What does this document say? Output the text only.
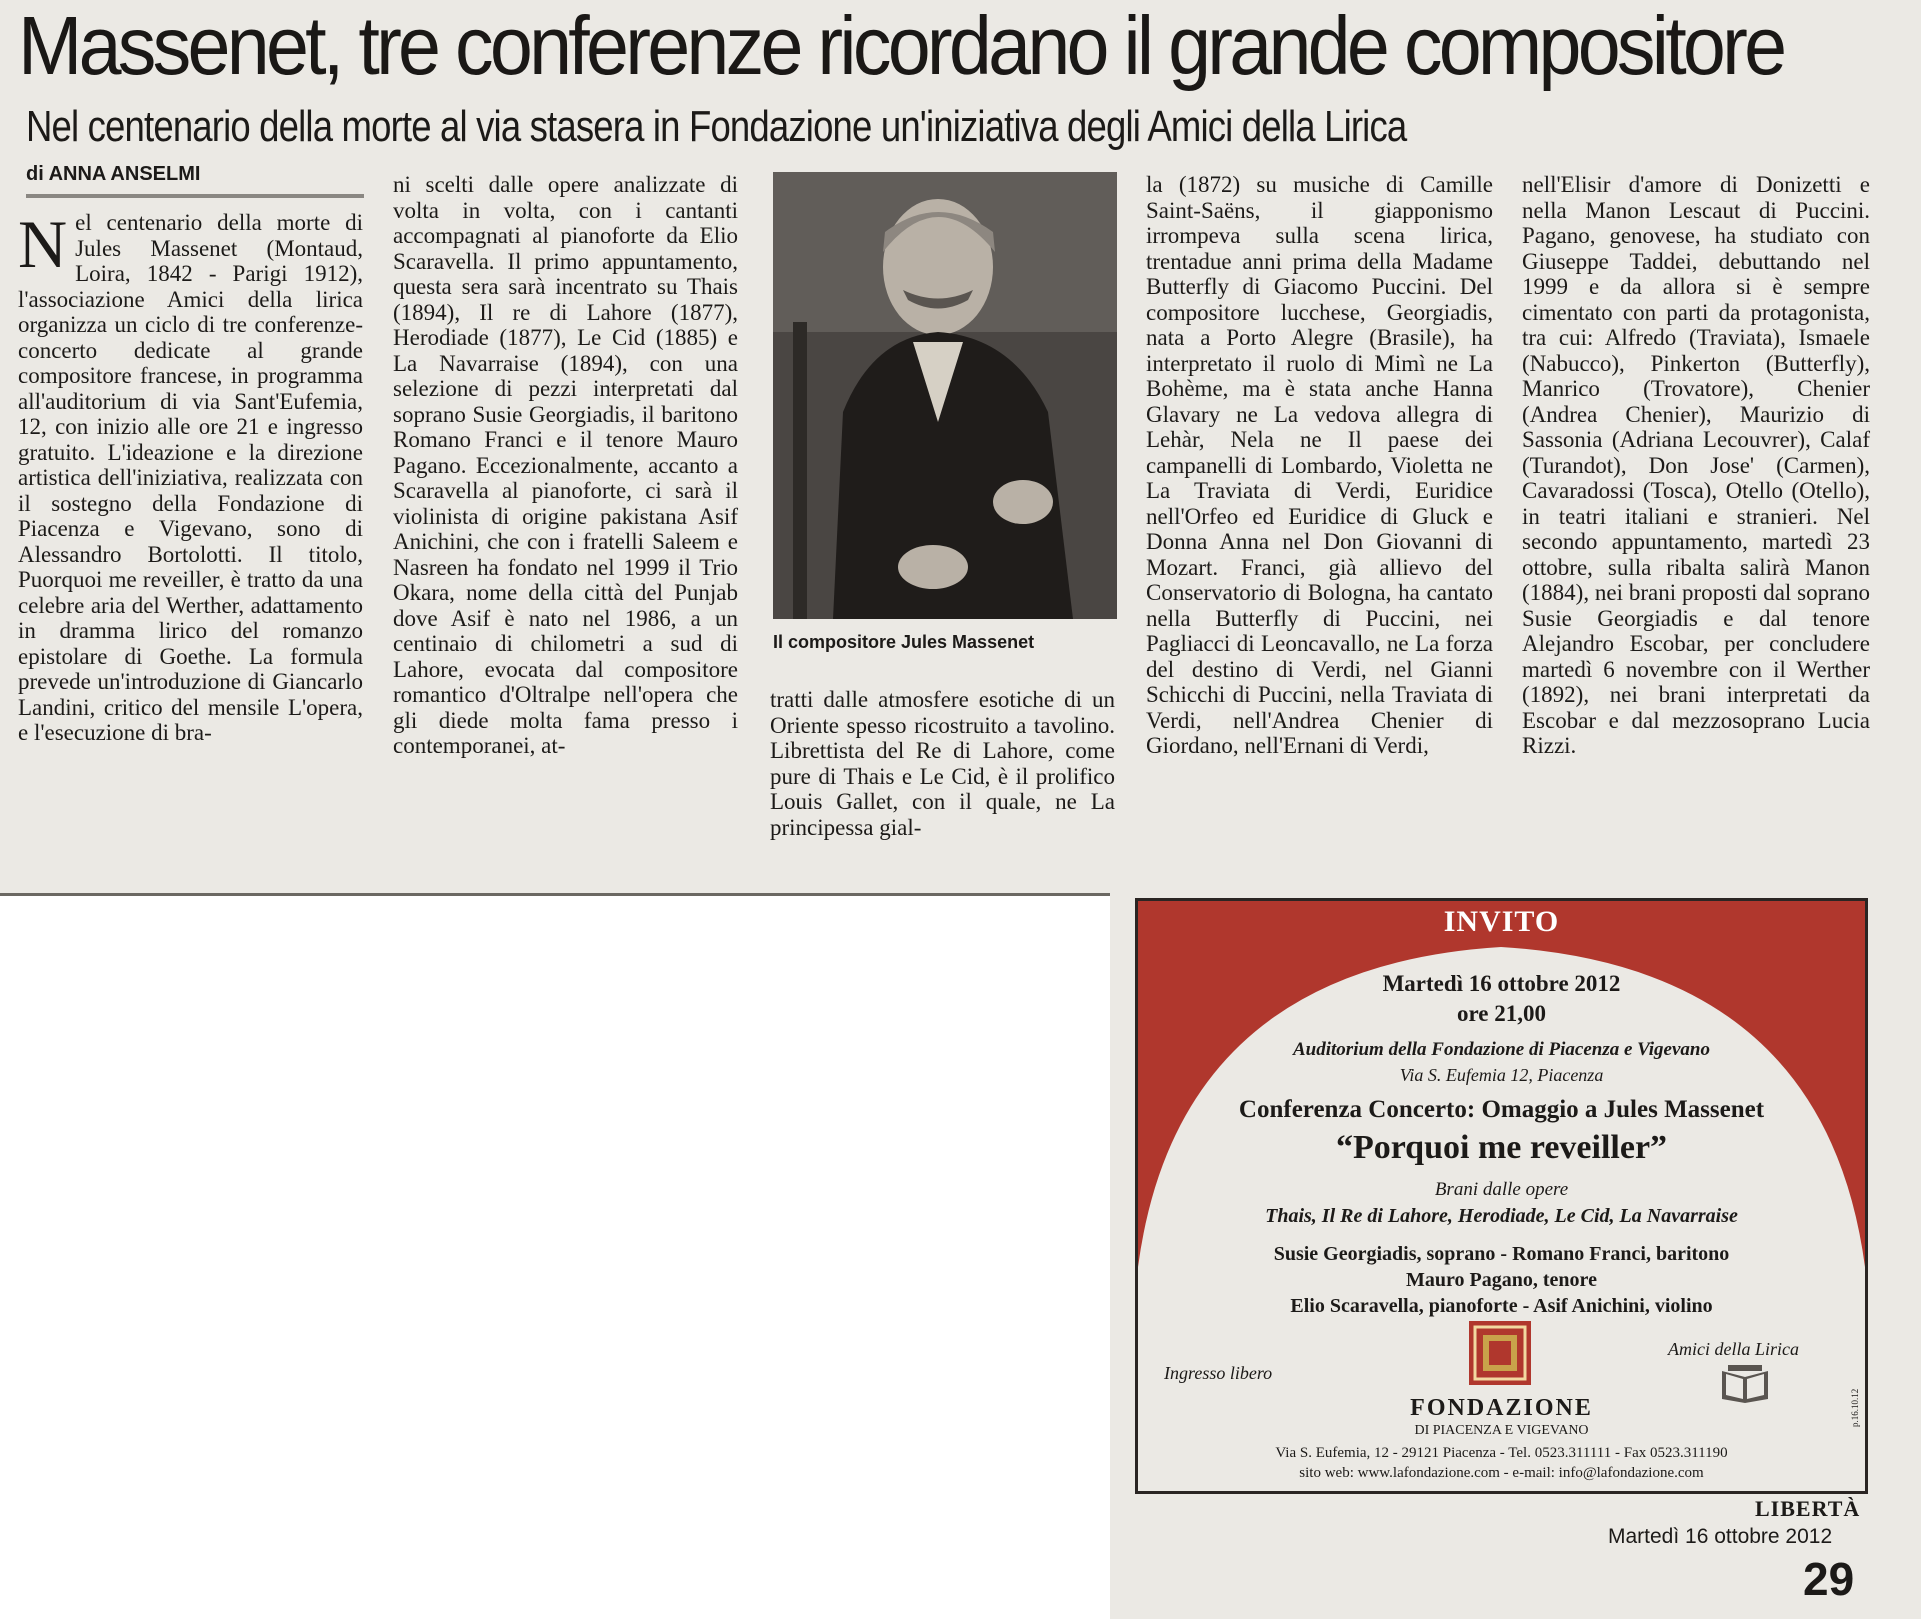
Massenet, tre conferenze ricordano il grande compositore
Nel centenario della morte al via stasera in Fondazione un'iniziativa degli Amici della Lirica
di ANNA ANSELMI

Nel centenario della morte di Jules Massenet (Montaud, Loira, 1842 - Parigi 1912), l'associazione Amici della lirica organizza un ciclo di tre conferenze-concerto dedicate al grande compositore francese, in programma all'auditorium di via Sant'Eufemia, 12, con inizio alle ore 21 e ingresso gratuito. L'ideazione e la direzione artistica dell'iniziativa, realizzata con il sostegno della Fondazione di Piacenza e Vigevano, sono di Alessandro Bortolotti. Il titolo, Puorquoi me reveiller, è tratto da una celebre aria del Werther, adattamento in dramma lirico del romanzo epistolare di Goethe. La formula prevede un'introduzione di Giancarlo Landini, critico del mensile L'opera, e l'esecuzione di bra-

ni scelti dalle opere analizzate di volta in volta, con i cantanti accompagnati al pianoforte da Elio Scaravella. Il primo appuntamento, questa sera sarà incentrato su Thais (1894), Il re di Lahore (1877), Herodiade (1877), Le Cid (1885) e La Navarraise (1894), con una selezione di pezzi interpretati dal soprano Susie Georgiadis, il baritono Romano Franci e il tenore Mauro Pagano. Eccezionalmente, accanto a Scaravella al pianoforte, ci sarà il violinista di origine pakistana Asif Anichini, che con i fratelli Saleem e Nasreen ha fondato nel 1999 il Trio Okara, nome della città del Punjab dove Asif è nato nel 1986, a un centinaio di chilometri a sud di Lahore, evocata dal compositore romantico d'Oltralpe nell'opera che gli diede molta fama presso i contemporanei, at-

Il compositore Jules Massenet

tratti dalle atmosfere esotiche di un Oriente spesso ricostruito a tavolino. Librettista del Re di Lahore, come pure di Thais e Le Cid, è il prolifico Louis Gallet, con il quale, ne La principessa gial-

la (1872) su musiche di Camille Saint-Saëns, il giapponismo irrompeva sulla scena lirica, trentadue anni prima della Madame Butterfly di Giacomo Puccini. Del compositore lucchese, Georgiadis, nata a Porto Alegre (Brasile), ha interpretato il ruolo di Mimì ne La Bohème, ma è stata anche Hanna Glavary ne La vedova allegra di Lehàr, Nela ne Il paese dei campanelli di Lombardo, Violetta ne La Traviata di Verdi, Euridice nell'Orfeo ed Euridice di Gluck e Donna Anna nel Don Giovanni di Mozart. Franci, già allievo del Conservatorio di Bologna, ha cantato nella Butterfly di Puccini, nei Pagliacci di Leoncavallo, ne La forza del destino di Verdi, nel Gianni Schicchi di Puccini, nella Traviata di Verdi, nell'Andrea Chenier di Giordano, nell'Ernani di Verdi,

nell'Elisir d'amore di Donizetti e nella Manon Lescaut di Puccini. Pagano, genovese, ha studiato con Giuseppe Taddei, debuttando nel 1999 e da allora si è sempre cimentato con parti da protagonista, tra cui: Alfredo (Traviata), Ismaele (Nabucco), Pinkerton (Butterfly), Manrico (Trovatore), Chenier (Andrea Chenier), Maurizio di Sassonia (Adriana Lecouvrer), Calaf (Turandot), Don Jose' (Carmen), Cavaradossi (Tosca), Otello (Otello), in teatri italiani e stranieri. Nel secondo appuntamento, martedì 23 ottobre, sulla ribalta salirà Manon (1884), nei brani proposti dal soprano Susie Georgiadis e dal tenore Alejandro Escobar, per concludere martedì 6 novembre con il Werther (1892), nei brani interpretati da Escobar e dal mezzosoprano Lucia Rizzi.

INVITO
Martedì 16 ottobre 2012
ore 21,00
Auditorium della Fondazione di Piacenza e Vigevano
Via S. Eufemia 12, Piacenza
Conferenza Concerto: Omaggio a Jules Massenet
“Porquoi me reveiller”
Brani dalle opere
Thais, Il Re di Lahore, Herodiade, Le Cid, La Navarraise
Susie Georgiadis, soprano - Romano Franci, baritono
Mauro Pagano, tenore
Elio Scaravella, pianoforte - Asif Anichini, violino
Ingresso libero
Amici della Lirica
FONDAZIONE
DI PIACENZA E VIGEVANO
Via S. Eufemia, 12 - 29121 Piacenza - Tel. 0523.311111 - Fax 0523.311190
sito web: www.lafondazione.com - e-mail: info@lafondazione.com
p.16.10.12
LIBERTÀ
Martedì 16 ottobre 2012
29
